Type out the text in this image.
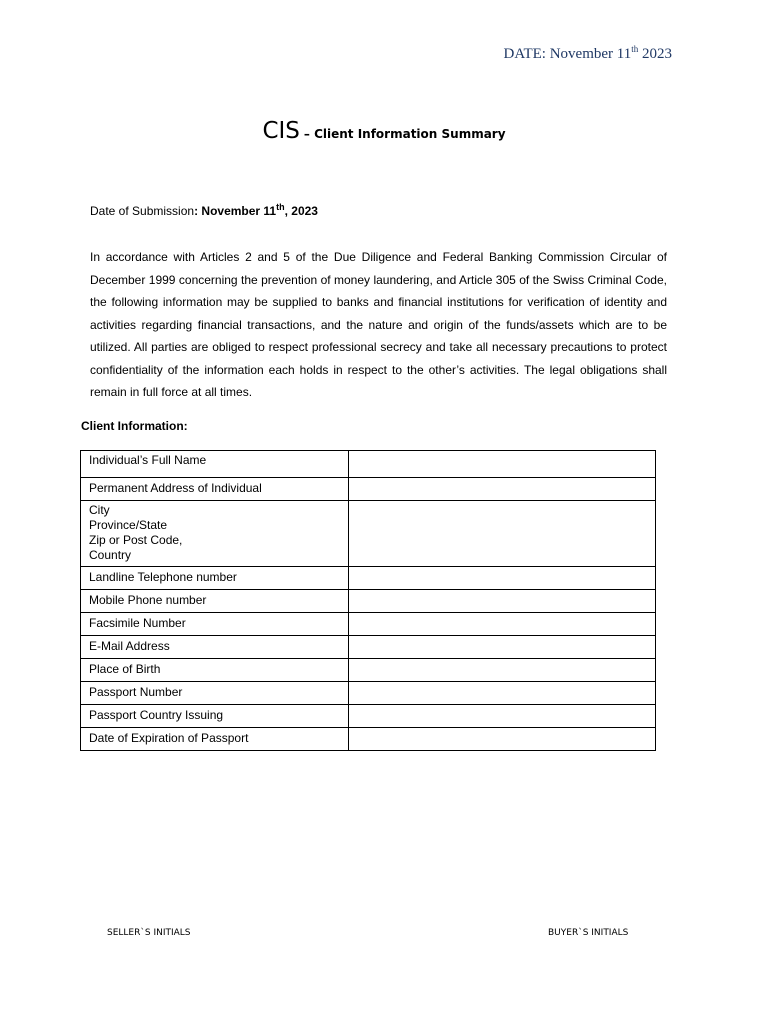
DATE: November 11th 2023
CIS – Client Information Summary
Date of Submission: November 11th, 2023

In accordance with Articles 2 and 5 of the Due Diligence and Federal Banking Commission Circular of December 1999 concerning the prevention of money laundering, and Article 305 of the Swiss Criminal Code, the following information may be supplied to banks and financial institutions for verification of identity and activities regarding financial transactions, and the nature and origin of the funds/assets which are to be utilized. All parties are obliged to respect professional secrecy and take all necessary precautions to protect confidentiality of the information each holds in respect to the other’s activities. The legal obligations shall remain in full force at all times.

Client Information:
Individual’s Full Name	
Permanent Address of Individual	

City
Province/State
Zip or Post Code,
Country	

Landline Telephone number	
Mobile Phone number	
Facsimile Number	
E-Mail Address	
Place of Birth	
Passport Number	
Passport Country Issuing	
Date of Expiration of Passport	
SELLER`S INITIALS	BUYER`S INITIALS
